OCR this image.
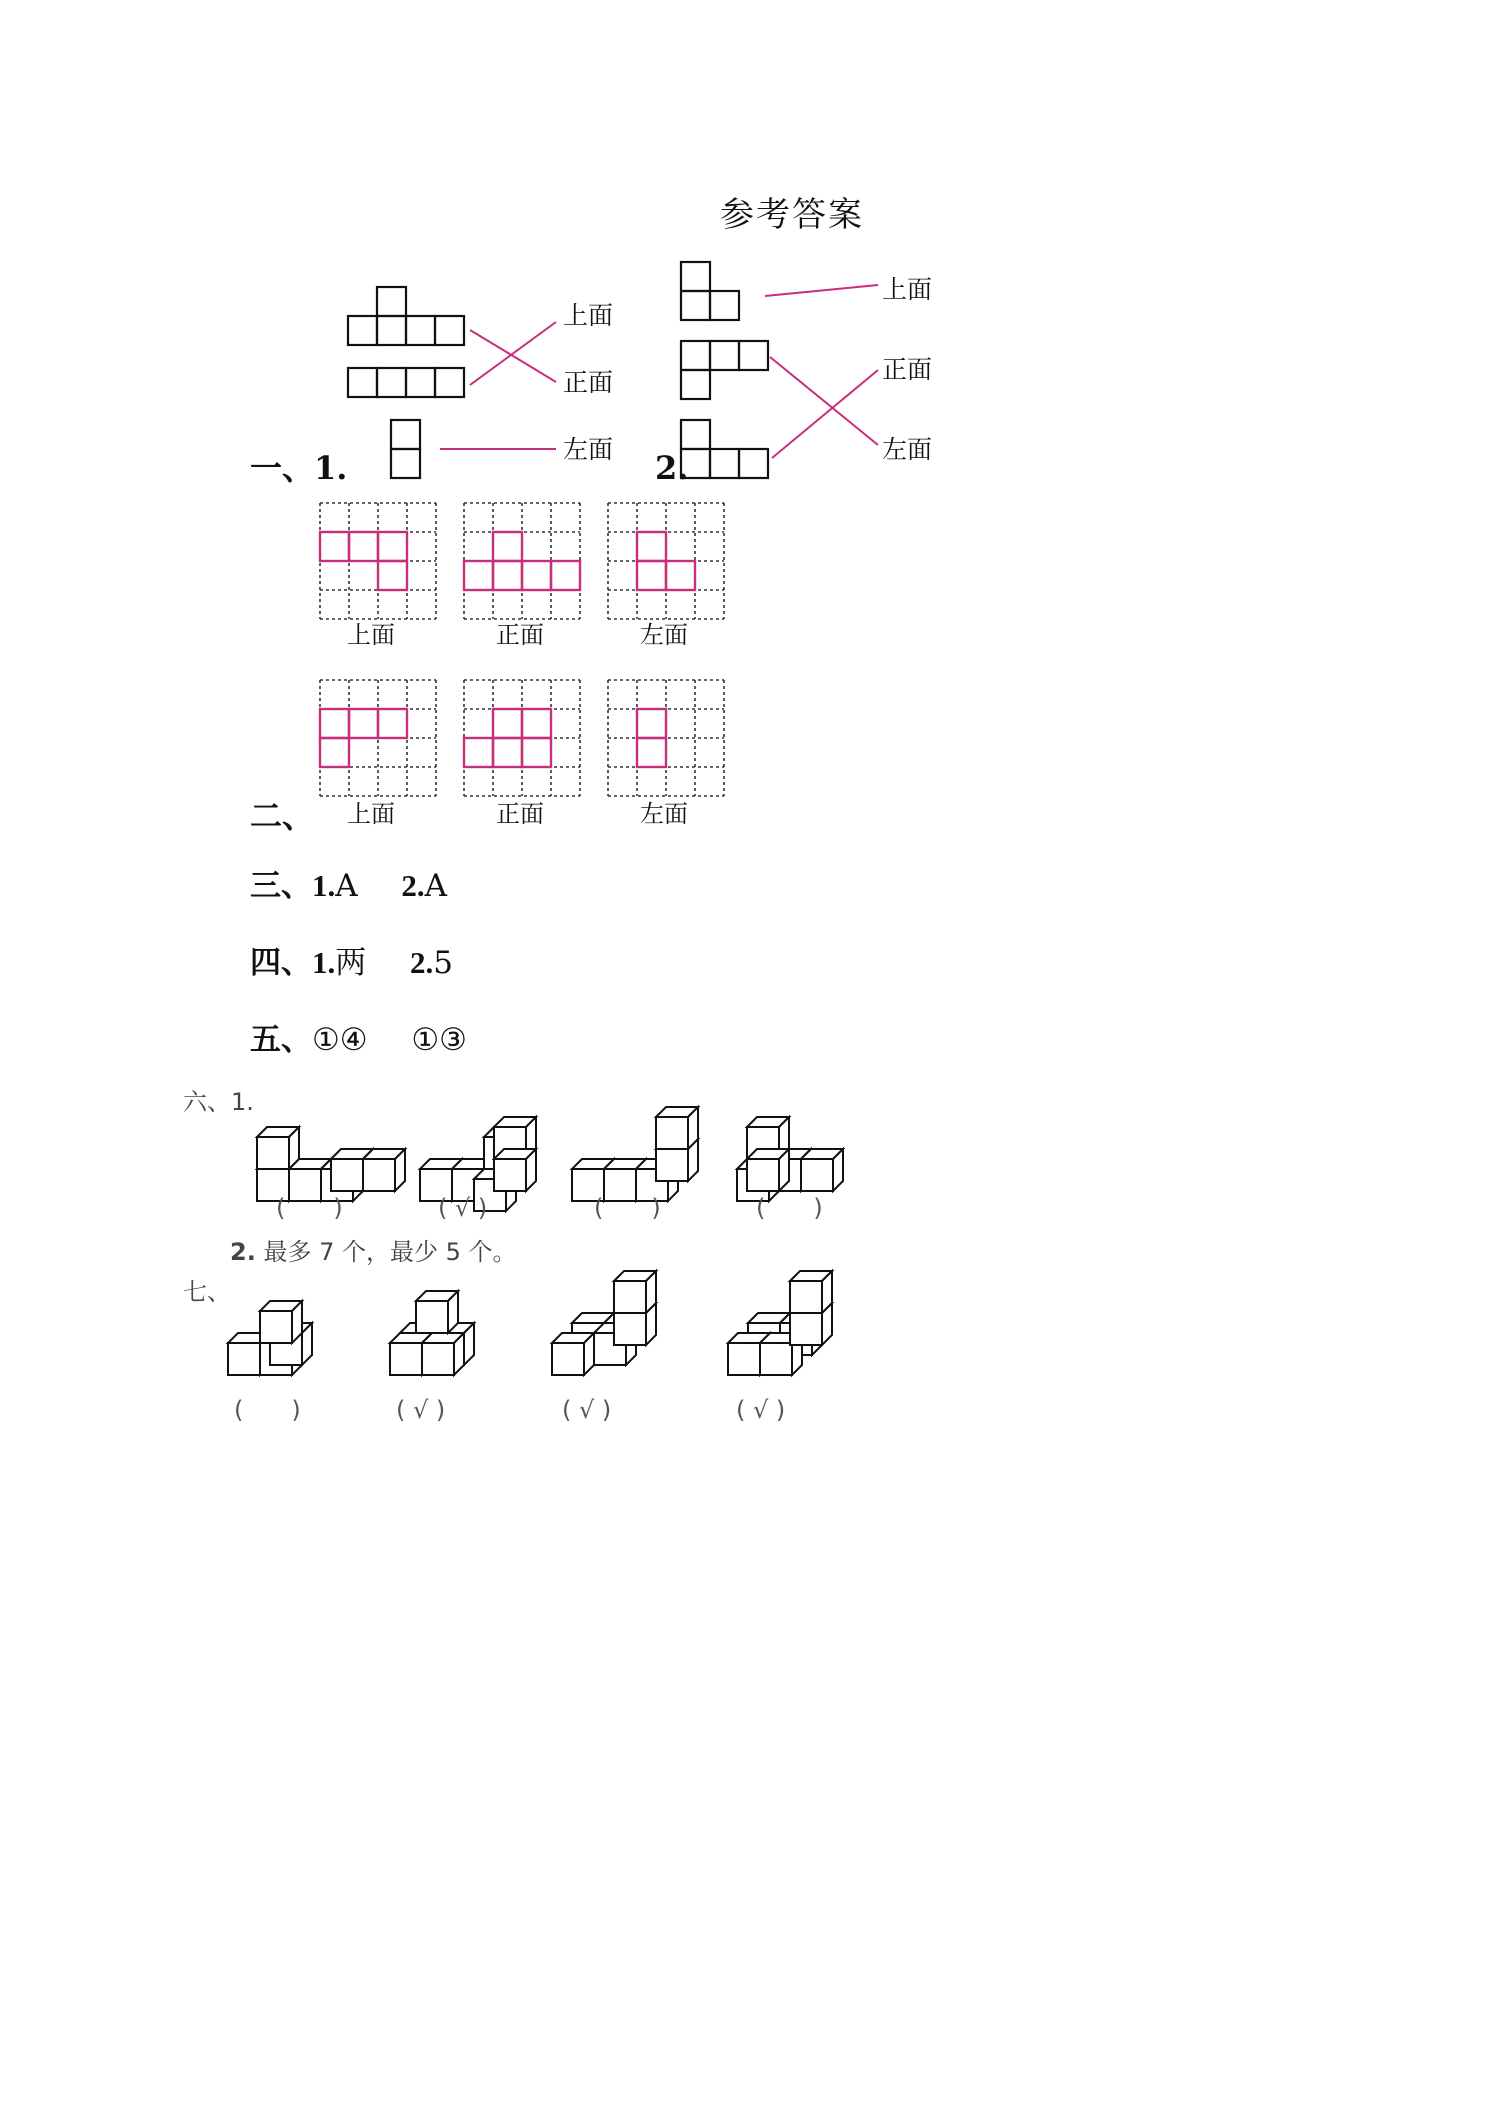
参考答案
一、1.	2.
上面
正面
左面
上面
正面
左面
上面	正面	左面
二、 上面	正面	左面
三、1.A 2.A
四、1.两 2.5
五、①④ ①③
六、1.
(　　)	( √ )	(　　)	(　　)
2. 最多 7 个，最少 5 个。
七、
(　　)	( √ )	( √ )	( √ )
